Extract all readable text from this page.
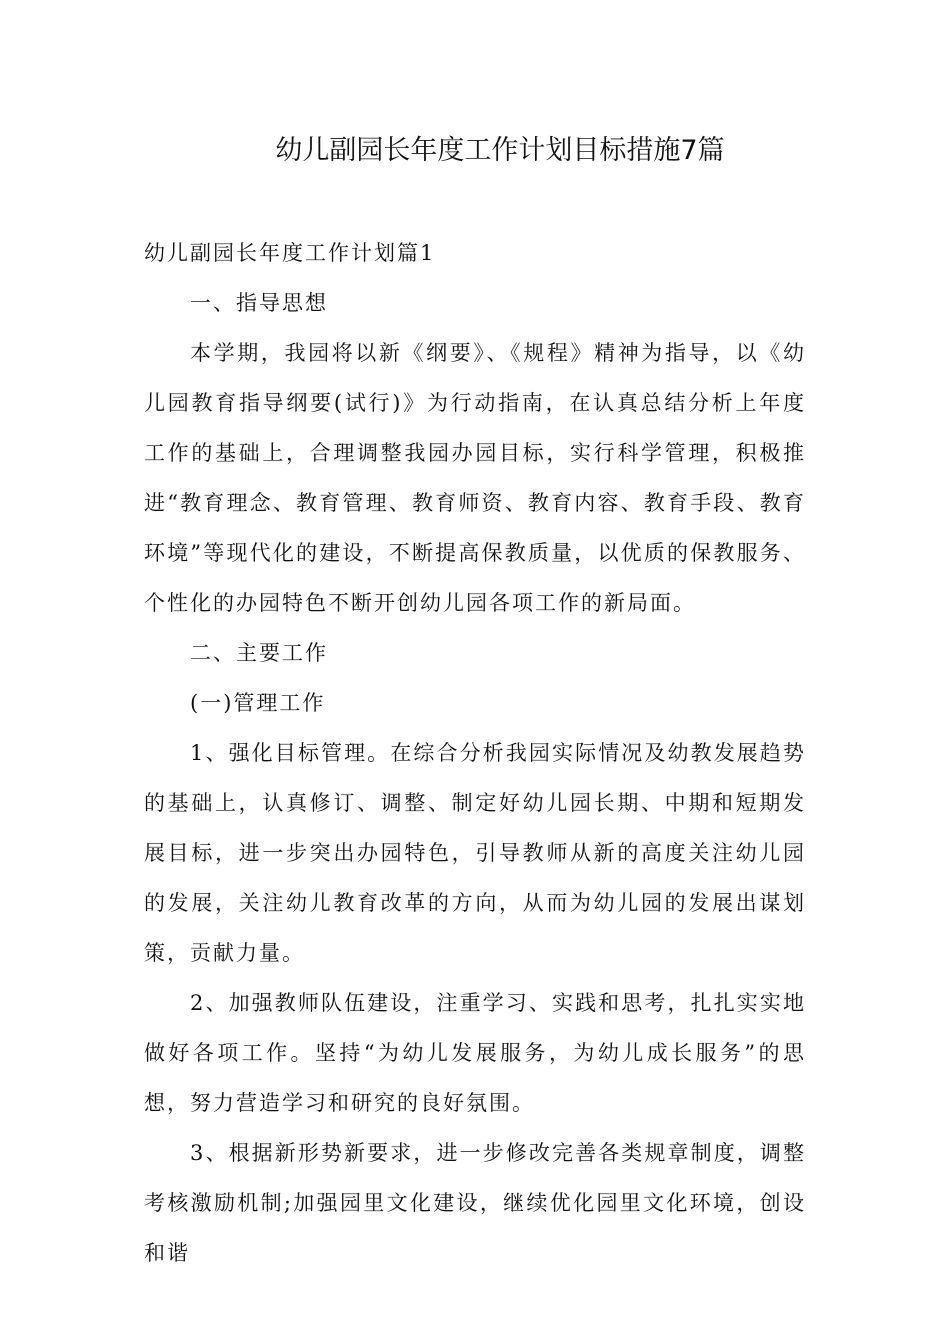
幼儿副园长年度工作计划目标措施7篇

幼儿副园长年度工作计划篇1

一、指导思想

本学期，我园将以新《纲要》、《规程》精神为指导，以《幼儿园教育指导纲要(试行)》为行动指南，在认真总结分析上年度工作的基础上，合理调整我园办园目标，实行科学管理，积极推进“教育理念、教育管理、教育师资、教育内容、教育手段、教育环境”等现代化的建设，不断提高保教质量，以优质的保教服务、个性化的办园特色不断开创幼儿园各项工作的新局面。

二、主要工作

(一)管理工作

1、强化目标管理。在综合分析我园实际情况及幼教发展趋势的基础上，认真修订、调整、制定好幼儿园长期、中期和短期发展目标，进一步突出办园特色，引导教师从新的高度关注幼儿园的发展，关注幼儿教育改革的方向，从而为幼儿园的发展出谋划策，贡献力量。

2、加强教师队伍建设，注重学习、实践和思考，扎扎实实地做好各项工作。坚持“为幼儿发展服务，为幼儿成长服务”的思想，努力营造学习和研究的良好氛围。

3、根据新形势新要求，进一步修改完善各类规章制度，调整考核激励机制;加强园里文化建设，继续优化园里文化环境，创设和谐
